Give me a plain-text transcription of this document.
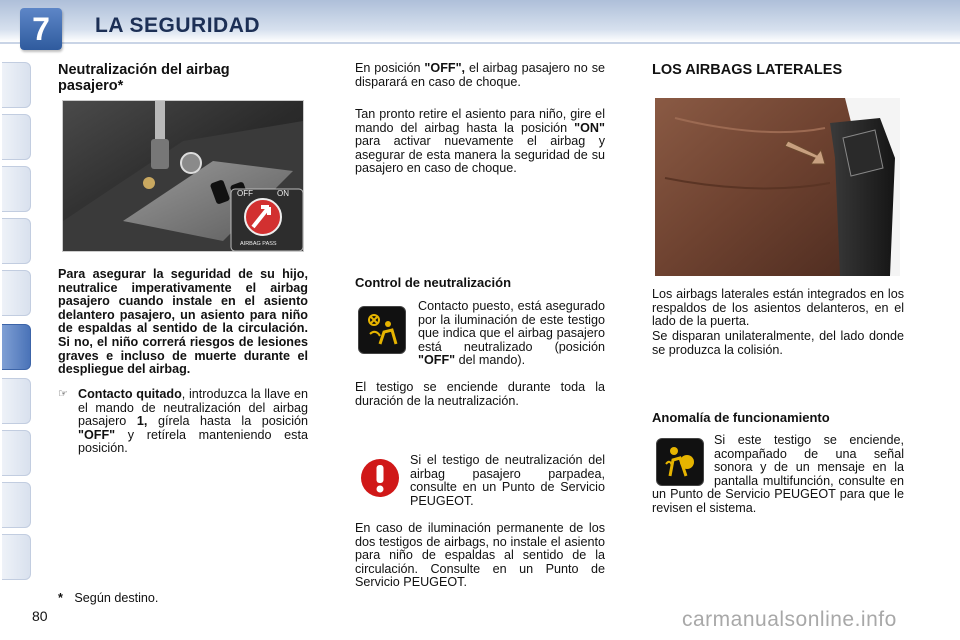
7	LA SEGURIDAD
Neutralización del airbag
pasajero*
OFF	ON
AIRBAG PASS
Para asegurar la seguridad de su hijo, neutralice imperativamente el airbag pasajero cuando instale en el asiento delantero pasajero, un asiento para niño de espaldas al sentido de la circulación. Si no, el niño correrá riesgos de lesiones graves e incluso de muerte durante el despliegue del airbag.
☞ Contacto quitado, introduzca la llave en el mando de neutralización del airbag pasajero 1, gírela hasta la posición "OFF" y retírela manteniendo esta posición.
* Según destino.
80
En posición "OFF", el airbag pasajero no se disparará en caso de choque.
Tan pronto retire el asiento para niño, gire el mando del airbag hasta la posición "ON" para activar nuevamente el airbag y asegurar de esta manera la seguridad de su pasajero en caso de choque.
Control de neutralización
Contacto puesto, está asegurado por la iluminación de este testigo que indica que el airbag pasajero está neutralizado (posición "OFF" del mando).
El testigo se enciende durante toda la duración de la neutralización.
Si el testigo de neutralización del airbag pasajero parpadea, consulte en un Punto de Servicio PEUGEOT.
En caso de iluminación permanente de los dos testigos de airbags, no instale el asiento para niño de espaldas al sentido de la circulación. Consulte en un Punto de Servicio PEUGEOT.
LOS AIRBAGS LATERALES
Los airbags laterales están integrados en los respaldos de los asientos delanteros, en el lado de la puerta.
Se disparan unilateralmente, del lado donde se produzca la colisión.
Anomalía de funcionamiento
Si este testigo se enciende, acompañado de una señal sonora y de un mensaje en la pantalla multifunción, consulte en un Punto de Servicio PEUGEOT para que le revisen el sistema.
carmanualsonline.info
